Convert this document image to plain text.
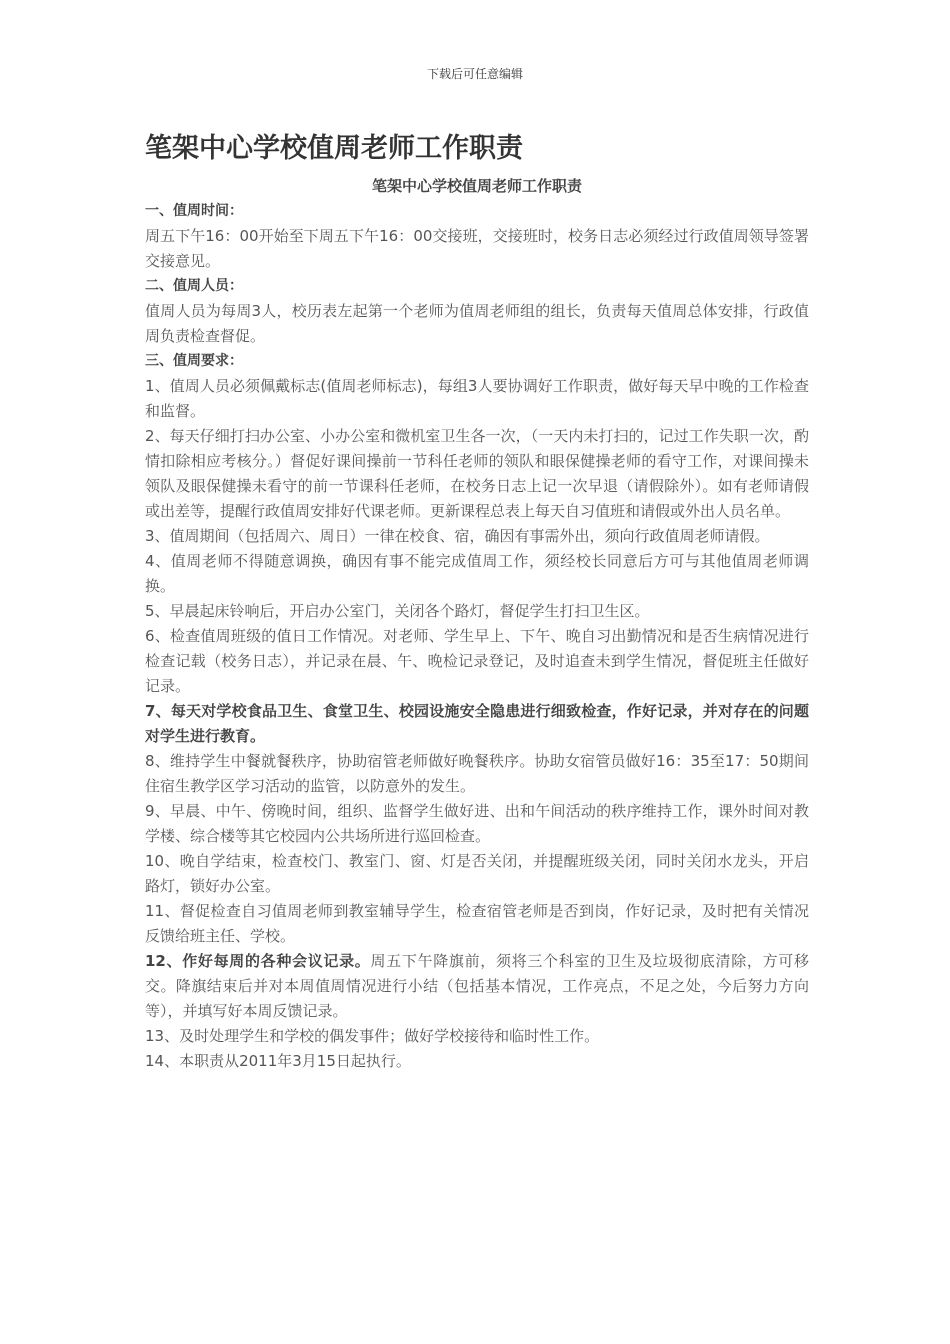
下载后可任意编辑
笔架中心学校值周老师工作职责

笔架中心学校值周老师工作职责

一、值周时间：

周五下午16：00开始至下周五下午16：00交接班，交接班时，校务日志必须经过行政值周领导签署交接意见。

二、值周人员：

值周人员为每周3人，校历表左起第一个老师为值周老师组的组长，负责每天值周总体安排，行政值周负责检查督促。

三、值周要求：

1、值周人员必须佩戴标志(值周老师标志)，每组3人要协调好工作职责，做好每天早中晚的工作检查和监督。

2、每天仔细打扫办公室、小办公室和微机室卫生各一次，（一天内未打扫的，记过工作失职一次，酌情扣除相应考核分。）督促好课间操前一节科任老师的领队和眼保健操老师的看守工作，对课间操未领队及眼保健操未看守的前一节课科任老师，在校务日志上记一次早退（请假除外）。如有老师请假或出差等，提醒行政值周安排好代课老师。更新课程总表上每天自习值班和请假或外出人员名单。

3、值周期间（包括周六、周日）一律在校食、宿，确因有事需外出，须向行政值周老师请假。

4、值周老师不得随意调换，确因有事不能完成值周工作，须经校长同意后方可与其他值周老师调换。

5、早晨起床铃响后，开启办公室门，关闭各个路灯，督促学生打扫卫生区。

6、检查值周班级的值日工作情况。对老师、学生早上、下午、晚自习出勤情况和是否生病情况进行检查记载（校务日志），并记录在晨、午、晚检记录登记，及时追查未到学生情况，督促班主任做好记录。

7、每天对学校食品卫生、食堂卫生、校园设施安全隐患进行细致检查，作好记录，并对存在的问题对学生进行教育。

8、维持学生中餐就餐秩序，协助宿管老师做好晚餐秩序。协助女宿管员做好16：35至17：50期间住宿生教学区学习活动的监管，以防意外的发生。

9、早晨、中午、傍晚时间，组织、监督学生做好进、出和午间活动的秩序维持工作，课外时间对教学楼、综合楼等其它校园内公共场所进行巡回检查。

10、晚自学结束，检查校门、教室门、窗、灯是否关闭，并提醒班级关闭，同时关闭水龙头，开启路灯，锁好办公室。

11、督促检查自习值周老师到教室辅导学生，检查宿管老师是否到岗，作好记录，及时把有关情况反馈给班主任、学校。

12、作好每周的各种会议记录。周五下午降旗前，须将三个科室的卫生及垃圾彻底清除，方可移交。降旗结束后并对本周值周情况进行小结（包括基本情况，工作亮点，不足之处，今后努力方向等），并填写好本周反馈记录。

13、及时处理学生和学校的偶发事件；做好学校接待和临时性工作。

14、本职责从2011年3月15日起执行。
